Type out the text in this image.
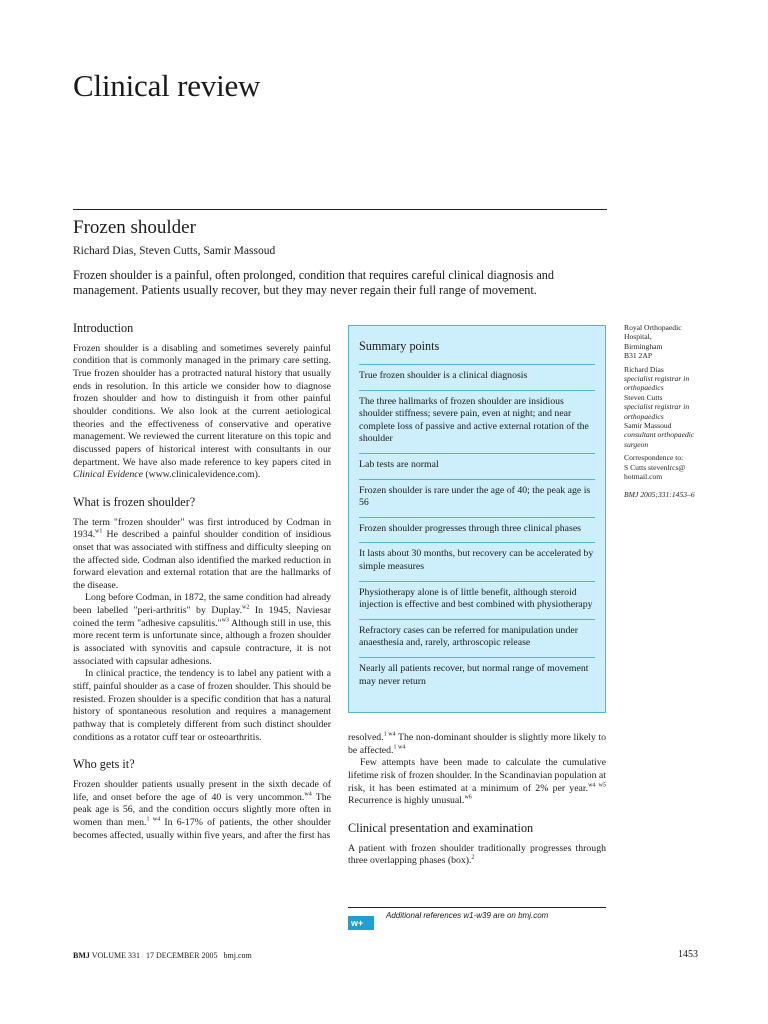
Clinical review
Frozen shoulder
Richard Dias, Steven Cutts, Samir Massoud
Frozen shoulder is a painful, often prolonged, condition that requires careful clinical diagnosis and management. Patients usually recover, but they may never regain their full range of movement.
Introduction

Frozen shoulder is a disabling and sometimes severely painful condition that is commonly managed in the primary care setting. True frozen shoulder has a protracted natural history that usually ends in resolution. In this article we consider how to diagnose frozen shoulder and how to distinguish it from other painful shoulder conditions. We also look at the current aetiological theories and the effectiveness of conservative and operative management. We reviewed the current literature on this topic and discussed papers of historical interest with consultants in our department. We have also made reference to key papers cited in Clinical Evidence (www.clinicalevidence.com).

What is frozen shoulder?

The term "frozen shoulder" was first introduced by Codman in 1934.$^{w1}$ He described a painful shoulder condition of insidious onset that was associated with stiffness and difficulty sleeping on the affected side. Codman also identified the marked reduction in forward elevation and external rotation that are the hallmarks of the disease.

Long before Codman, in 1872, the same condition had already been labelled "peri-arthritis" by Duplay.$^{w2}$ In 1945, Naviesar coined the term "adhesive capsulitis."$^{w3}$ Although still in use, this more recent term is unfortunate since, although a frozen shoulder is associated with synovitis and capsule contracture, it is not associated with capsular adhesions.

In clinical practice, the tendency is to label any patient with a stiff, painful shoulder as a case of frozen shoulder. This should be resisted. Frozen shoulder is a specific condition that has a natural history of spontaneous resolution and requires a management pathway that is completely different from such distinct shoulder conditions as a rotator cuff tear or osteoarthritis.

Who gets it?

Frozen shoulder patients usually present in the sixth decade of life, and onset before the age of 40 is very uncommon.$^{w4}$ The peak age is 56, and the condition occurs slightly more often in women than men.$^{1 w4}$ In 6-17% of patients, the other shoulder becomes affected, usually within five years, and after the first has

Summary points
True frozen shoulder is a clinical diagnosis
The three hallmarks of frozen shoulder are insidious shoulder stiffness; severe pain, even at night; and near complete loss of passive and active external rotation of the shoulder
Lab tests are normal
Frozen shoulder is rare under the age of 40; the peak age is 56
Frozen shoulder progresses through three clinical phases
It lasts about 30 months, but recovery can be accelerated by simple measures
Physiotherapy alone is of little benefit, although steroid injection is effective and best combined with physiotherapy
Refractory cases can be referred for manipulation under anaesthesia and, rarely, arthroscopic release
Nearly all patients recover, but normal range of movement may never return

resolved.$^{1 w4}$ The non-dominant shoulder is slightly more likely to be affected.$^{1 w4}$

Few attempts have been made to calculate the cumulative lifetime risk of frozen shoulder. In the Scandinavian population at risk, it has been estimated at a minimum of 2% per year.$^{w4 w5}$ Recurrence is highly unusual.$^{w6}$

Clinical presentation and examination

A patient with frozen shoulder traditionally progresses through three overlapping phases (box).$^2$

Royal Orthopaedic Hospital,

Birmingham

B31 2AP

Richard Dias

specialist registrar in orthopaedics

Steven Cutts

specialist registrar in orthopaedics

Samir Massoud

consultant orthopaedic surgeon

Correspondence to:

S Cutts stevenlrcs@

hotmail.com

BMJ 2005;331:1453–6

w+
Additional references w1-w39 are on bmj.com
BMJ VOLUME 331   17 DECEMBER 2005   bmj.com	1453
